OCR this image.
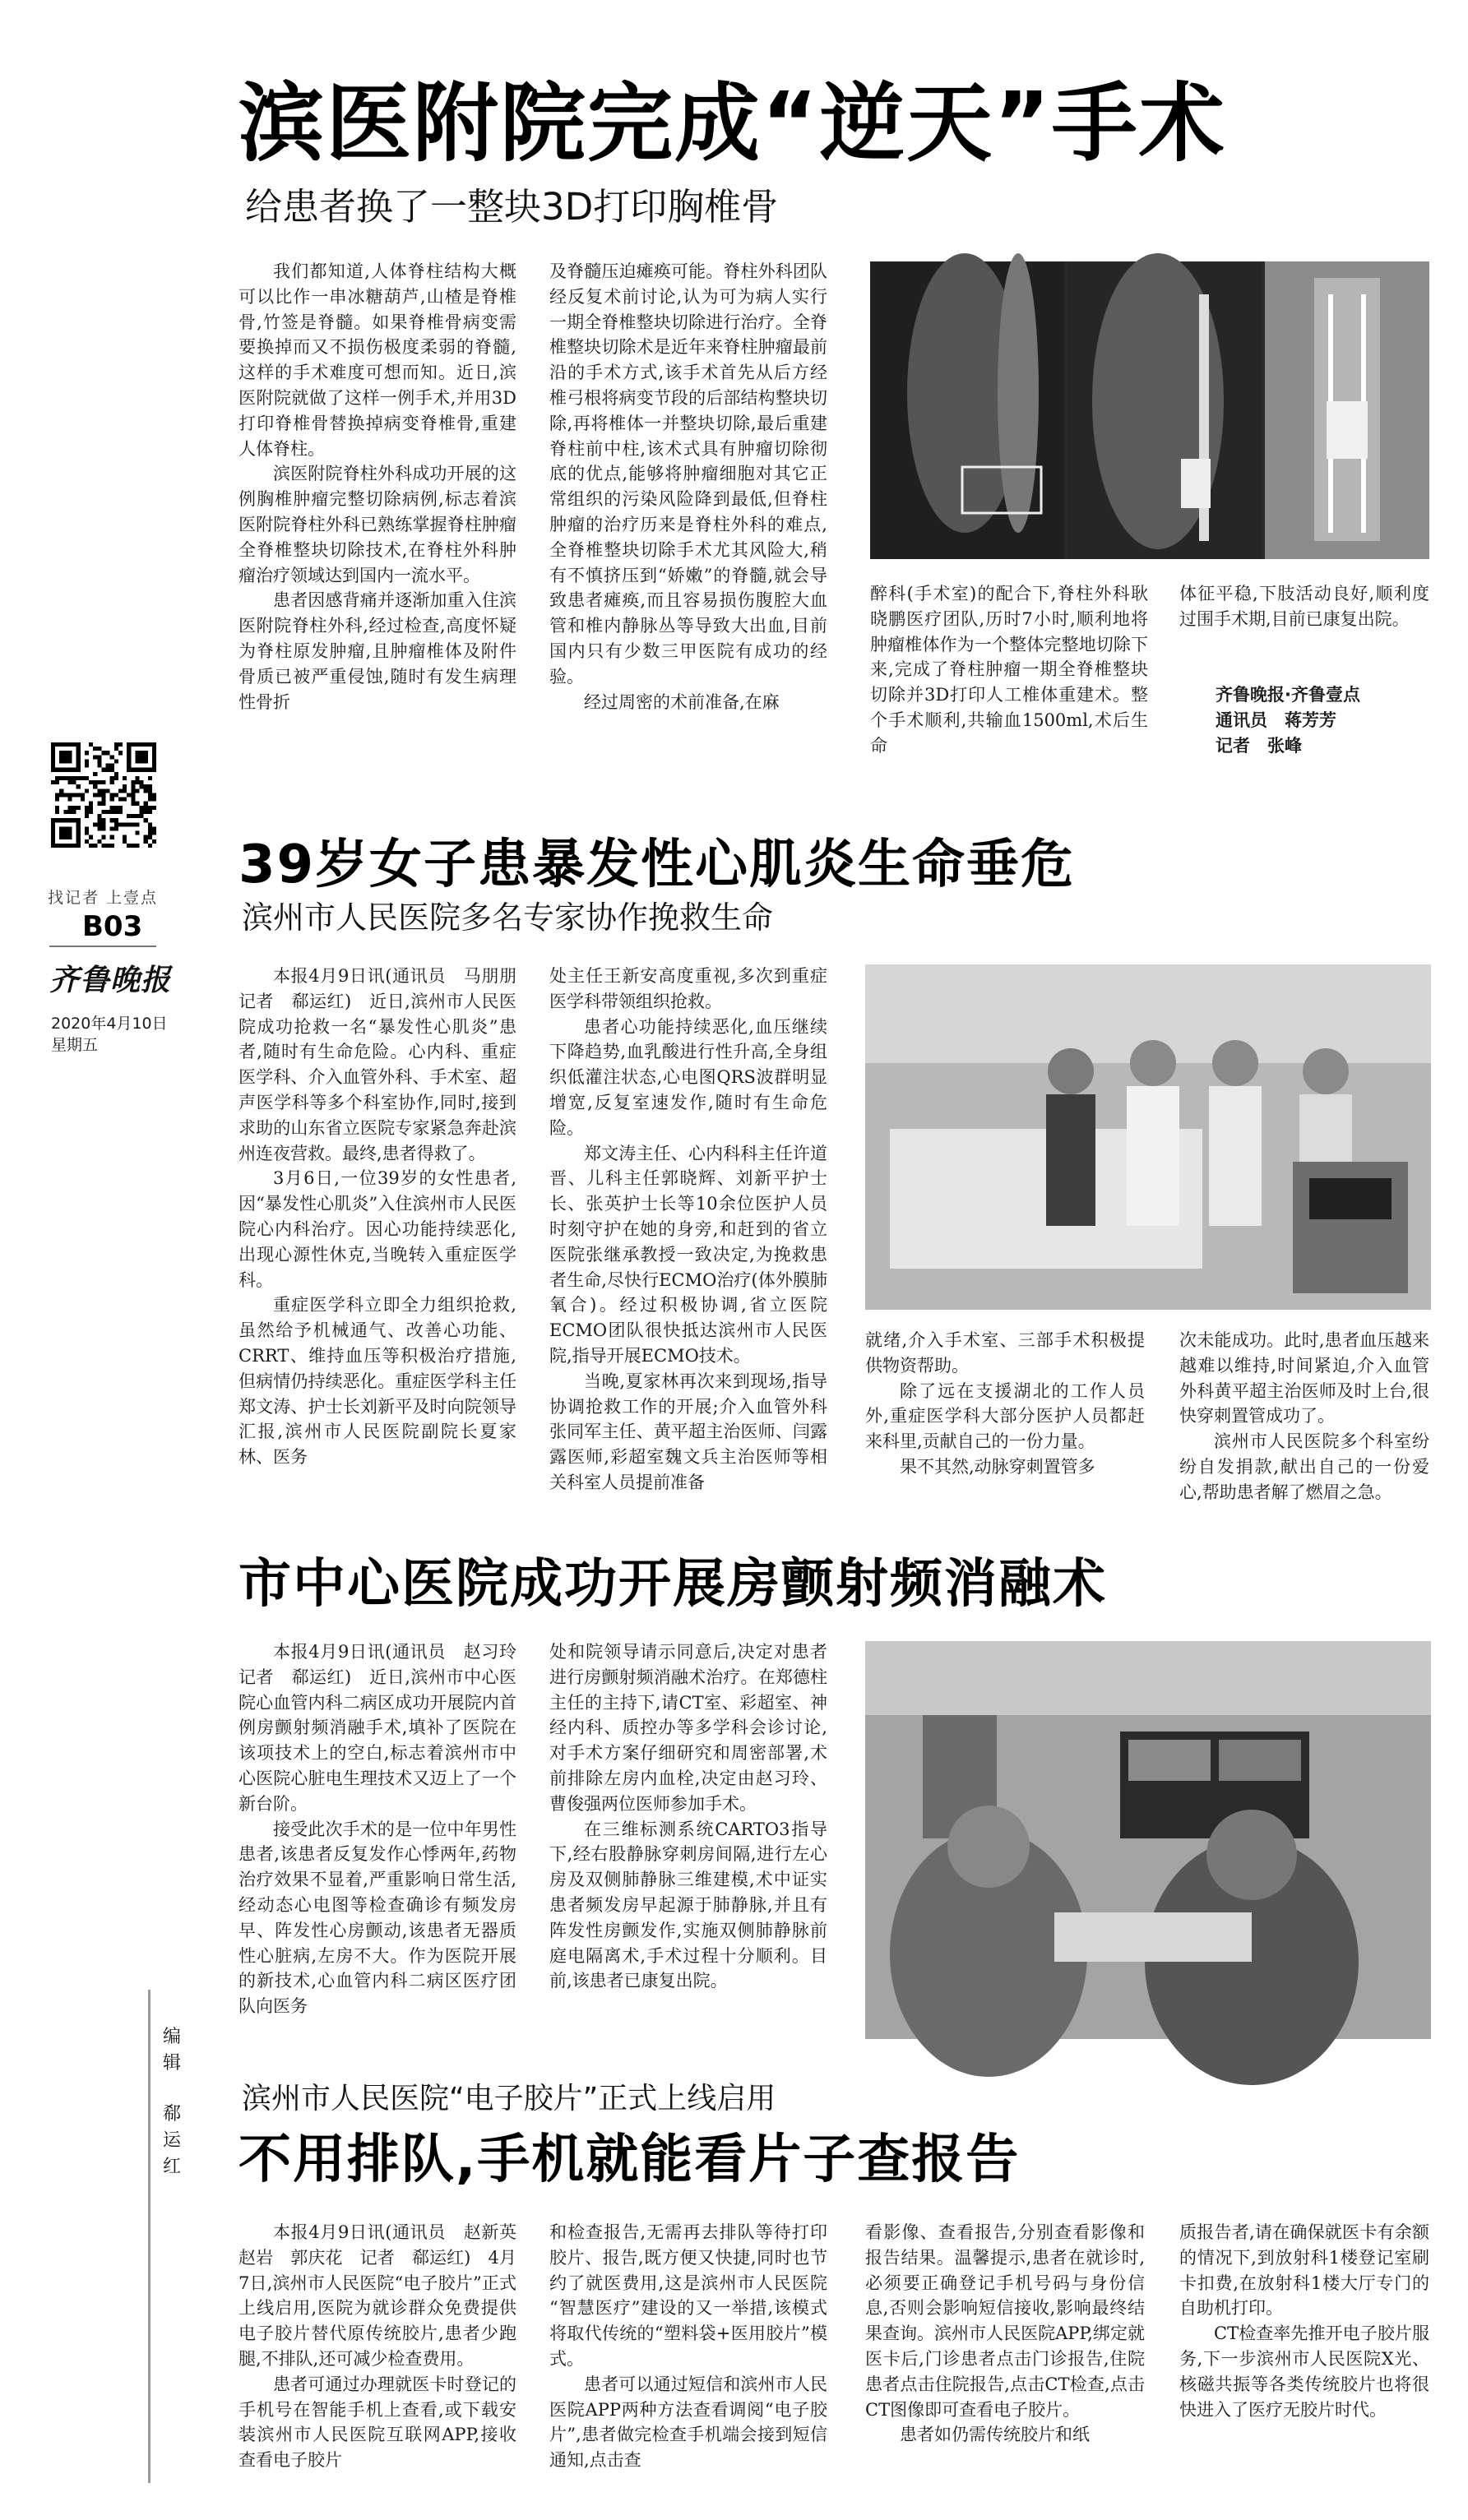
找记者 上壹点
B03
齐鲁晚报
2020年4月10日
星期五
编辑
郗运红
滨医附院完成“逆天”手术
给患者换了一整块3D打印胸椎骨

我们都知道,人体脊柱结构大概可以比作一串冰糖葫芦,山楂是脊椎骨,竹签是脊髓。如果脊椎骨病变需要换掉而又不损伤极度柔弱的脊髓,这样的手术难度可想而知。近日,滨医附院就做了这样一例手术,并用3D打印脊椎骨替换掉病变脊椎骨,重建人体脊柱。

滨医附院脊柱外科成功开展的这例胸椎肿瘤完整切除病例,标志着滨医附院脊柱外科已熟练掌握脊柱肿瘤全脊椎整块切除技术,在脊柱外科肿瘤治疗领域达到国内一流水平。

患者因感背痛并逐渐加重入住滨医附院脊柱外科,经过检查,高度怀疑为脊柱原发肿瘤,且肿瘤椎体及附件骨质已被严重侵蚀,随时有发生病理性骨折

及脊髓压迫瘫痪可能。脊柱外科团队经反复术前讨论,认为可为病人实行一期全脊椎整块切除进行治疗。全脊椎整块切除术是近年来脊柱肿瘤最前沿的手术方式,该手术首先从后方经椎弓根将病变节段的后部结构整块切除,再将椎体一并整块切除,最后重建脊柱前中柱,该术式具有肿瘤切除彻底的优点,能够将肿瘤细胞对其它正常组织的污染风险降到最低,但脊柱肿瘤的治疗历来是脊柱外科的难点,全脊椎整块切除手术尤其风险大,稍有不慎挤压到“娇嫩”的脊髓,就会导致患者瘫痪,而且容易损伤腹腔大血管和椎内静脉丛等导致大出血,目前国内只有少数三甲医院有成功的经验。

经过周密的术前准备,在麻

醉科(手术室)的配合下,脊柱外科耿晓鹏医疗团队,历时7小时,顺利地将肿瘤椎体作为一个整体完整地切除下来,完成了脊柱肿瘤一期全脊椎整块切除并3D打印人工椎体重建术。整个手术顺利,共输血1500ml,术后生命

体征平稳,下肢活动良好,顺利度过围手术期,目前已康复出院。

齐鲁晚报·齐鲁壹点
通讯员　蒋芳芳
记者　张峰
39岁女子患暴发性心肌炎生命垂危
滨州市人民医院多名专家协作挽救生命

本报4月9日讯(通讯员　马朋朋　记者　郗运红)　近日,滨州市人民医院成功抢救一名“暴发性心肌炎”患者,随时有生命危险。心内科、重症医学科、介入血管外科、手术室、超声医学科等多个科室协作,同时,接到求助的山东省立医院专家紧急奔赴滨州连夜营救。最终,患者得救了。

3月6日,一位39岁的女性患者,因“暴发性心肌炎”入住滨州市人民医院心内科治疗。因心功能持续恶化,出现心源性休克,当晚转入重症医学科。

重症医学科立即全力组织抢救,虽然给予机械通气、改善心功能、CRRT、维持血压等积极治疗措施,但病情仍持续恶化。重症医学科主任郑文涛、护士长刘新平及时向院领导汇报,滨州市人民医院副院长夏家林、医务

处主任王新安高度重视,多次到重症医学科带领组织抢救。

患者心功能持续恶化,血压继续下降趋势,血乳酸进行性升高,全身组织低灌注状态,心电图QRS波群明显增宽,反复室速发作,随时有生命危险。

郑文涛主任、心内科科主任许道晋、儿科主任郭晓辉、刘新平护士长、张英护士长等10余位医护人员时刻守护在她的身旁,和赶到的省立医院张继承教授一致决定,为挽救患者生命,尽快行ECMO治疗(体外膜肺氧合)。经过积极协调,省立医院ECMO团队很快抵达滨州市人民医院,指导开展ECMO技术。

当晚,夏家林再次来到现场,指导协调抢救工作的开展;介入血管外科张同军主任、黄平超主治医师、闫露露医师,彩超室魏文兵主治医师等相关科室人员提前准备

就绪,介入手术室、三部手术积极提供物资帮助。

除了远在支援湖北的工作人员外,重症医学科大部分医护人员都赶来科里,贡献自己的一份力量。

果不其然,动脉穿刺置管多

次未能成功。此时,患者血压越来越难以维持,时间紧迫,介入血管外科黄平超主治医师及时上台,很快穿刺置管成功了。

滨州市人民医院多个科室纷纷自发捐款,献出自己的一份爱心,帮助患者解了燃眉之急。

市中心医院成功开展房颤射频消融术

本报4月9日讯(通讯员　赵习玲　记者　郗运红)　近日,滨州市中心医院心血管内科二病区成功开展院内首例房颤射频消融手术,填补了医院在该项技术上的空白,标志着滨州市中心医院心脏电生理技术又迈上了一个新台阶。

接受此次手术的是一位中年男性患者,该患者反复发作心悸两年,药物治疗效果不显着,严重影响日常生活,经动态心电图等检查确诊有频发房早、阵发性心房颤动,该患者无器质性心脏病,左房不大。作为医院开展的新技术,心血管内科二病区医疗团队向医务

处和院领导请示同意后,决定对患者进行房颤射频消融术治疗。在郑德柱主任的主持下,请CT室、彩超室、神经内科、质控办等多学科会诊讨论,对手术方案仔细研究和周密部署,术前排除左房内血栓,决定由赵习玲、曹俊强两位医师参加手术。

在三维标测系统CARTO3指导下,经右股静脉穿刺房间隔,进行左心房及双侧肺静脉三维建模,术中证实患者频发房早起源于肺静脉,并且有阵发性房颤发作,实施双侧肺静脉前庭电隔离术,手术过程十分顺利。目前,该患者已康复出院。

滨州市人民医院“电子胶片”正式上线启用
不用排队,手机就能看片子查报告

本报4月9日讯(通讯员　赵新英　赵岩　郭庆花　记者　郗运红)　4月7日,滨州市人民医院“电子胶片”正式上线启用,医院为就诊群众免费提供电子胶片替代原传统胶片,患者少跑腿,不排队,还可减少检查费用。

患者可通过办理就医卡时登记的手机号在智能手机上查看,或下载安装滨州市人民医院互联网APP,接收查看电子胶片

和检查报告,无需再去排队等待打印胶片、报告,既方便又快捷,同时也节约了就医费用,这是滨州市人民医院“智慧医疗”建设的又一举措,该模式将取代传统的“塑料袋+医用胶片”模式。

患者可以通过短信和滨州市人民医院APP两种方法查看调阅“电子胶片”,患者做完检查手机端会接到短信通知,点击查

看影像、查看报告,分别查看影像和报告结果。温馨提示,患者在就诊时,必须要正确登记手机号码与身份信息,否则会影响短信接收,影响最终结果查询。滨州市人民医院APP,绑定就医卡后,门诊患者点击门诊报告,住院患者点击住院报告,点击CT检查,点击CT图像即可查看电子胶片。

患者如仍需传统胶片和纸

质报告者,请在确保就医卡有余额的情况下,到放射科1楼登记室刷卡扣费,在放射科1楼大厅专门的自助机打印。

CT检查率先推开电子胶片服务,下一步滨州市人民医院X光、核磁共振等各类传统胶片也将很快进入了医疗无胶片时代。
